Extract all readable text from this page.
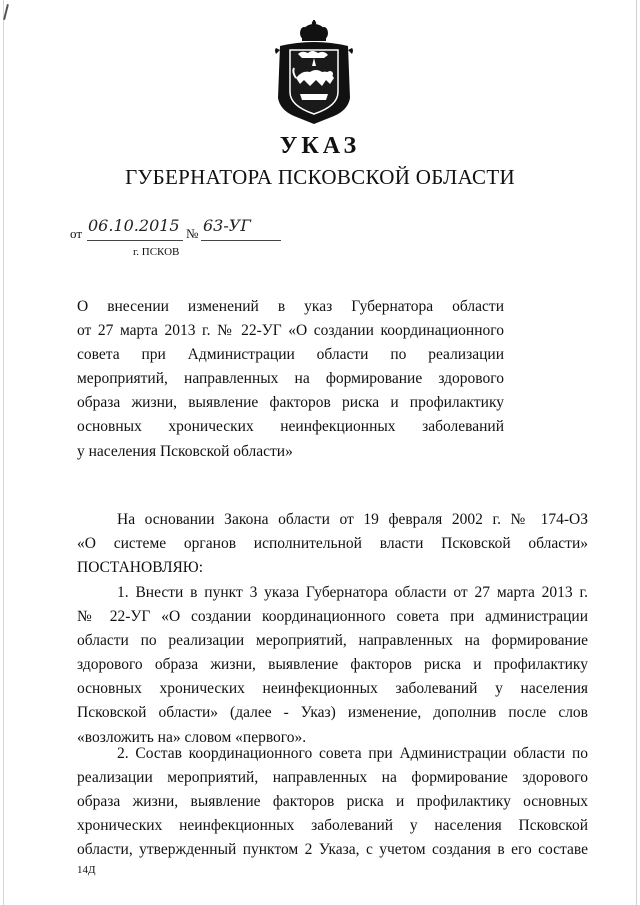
УКАЗ
ГУБЕРНАТОРА ПСКОВСКОЙ ОБЛАСТИ
от 06.10.2015 № 63-УГ
г. ПСКОВ
О внесении изменений в указ Губернатора области
от 27 марта 2013 г. № 22-УГ «О создании координационного
совета при Администрации области по реализации
мероприятий, направленных на формирование здорового
образа жизни, выявление факторов риска и профилактику
основных хронических неинфекционных заболеваний
у населения Псковской области»
На основании Закона области от 19 февраля 2002 г. № 174-ОЗ
«О системе органов исполнительной власти Псковской области»
ПОСТАНОВЛЯЮ:
1. Внести в пункт 3 указа Губернатора области от 27 марта 2013 г.
№ 22-УГ «О создании координационного совета при администрации
области по реализации мероприятий, направленных на формирование
здорового образа жизни, выявление факторов риска и профилактику
основных хронических неинфекционных заболеваний у населения
Псковской области» (далее - Указ) изменение, дополнив после слов
«возложить на» словом «первого».
2. Состав координационного совета при Администрации области по
реализации мероприятий, направленных на формирование здорового
образа жизни, выявление факторов риска и профилактику основных
хронических неинфекционных заболеваний у населения Псковской
области, утвержденный пунктом 2 Указа, с учетом создания в его составе
14Д
